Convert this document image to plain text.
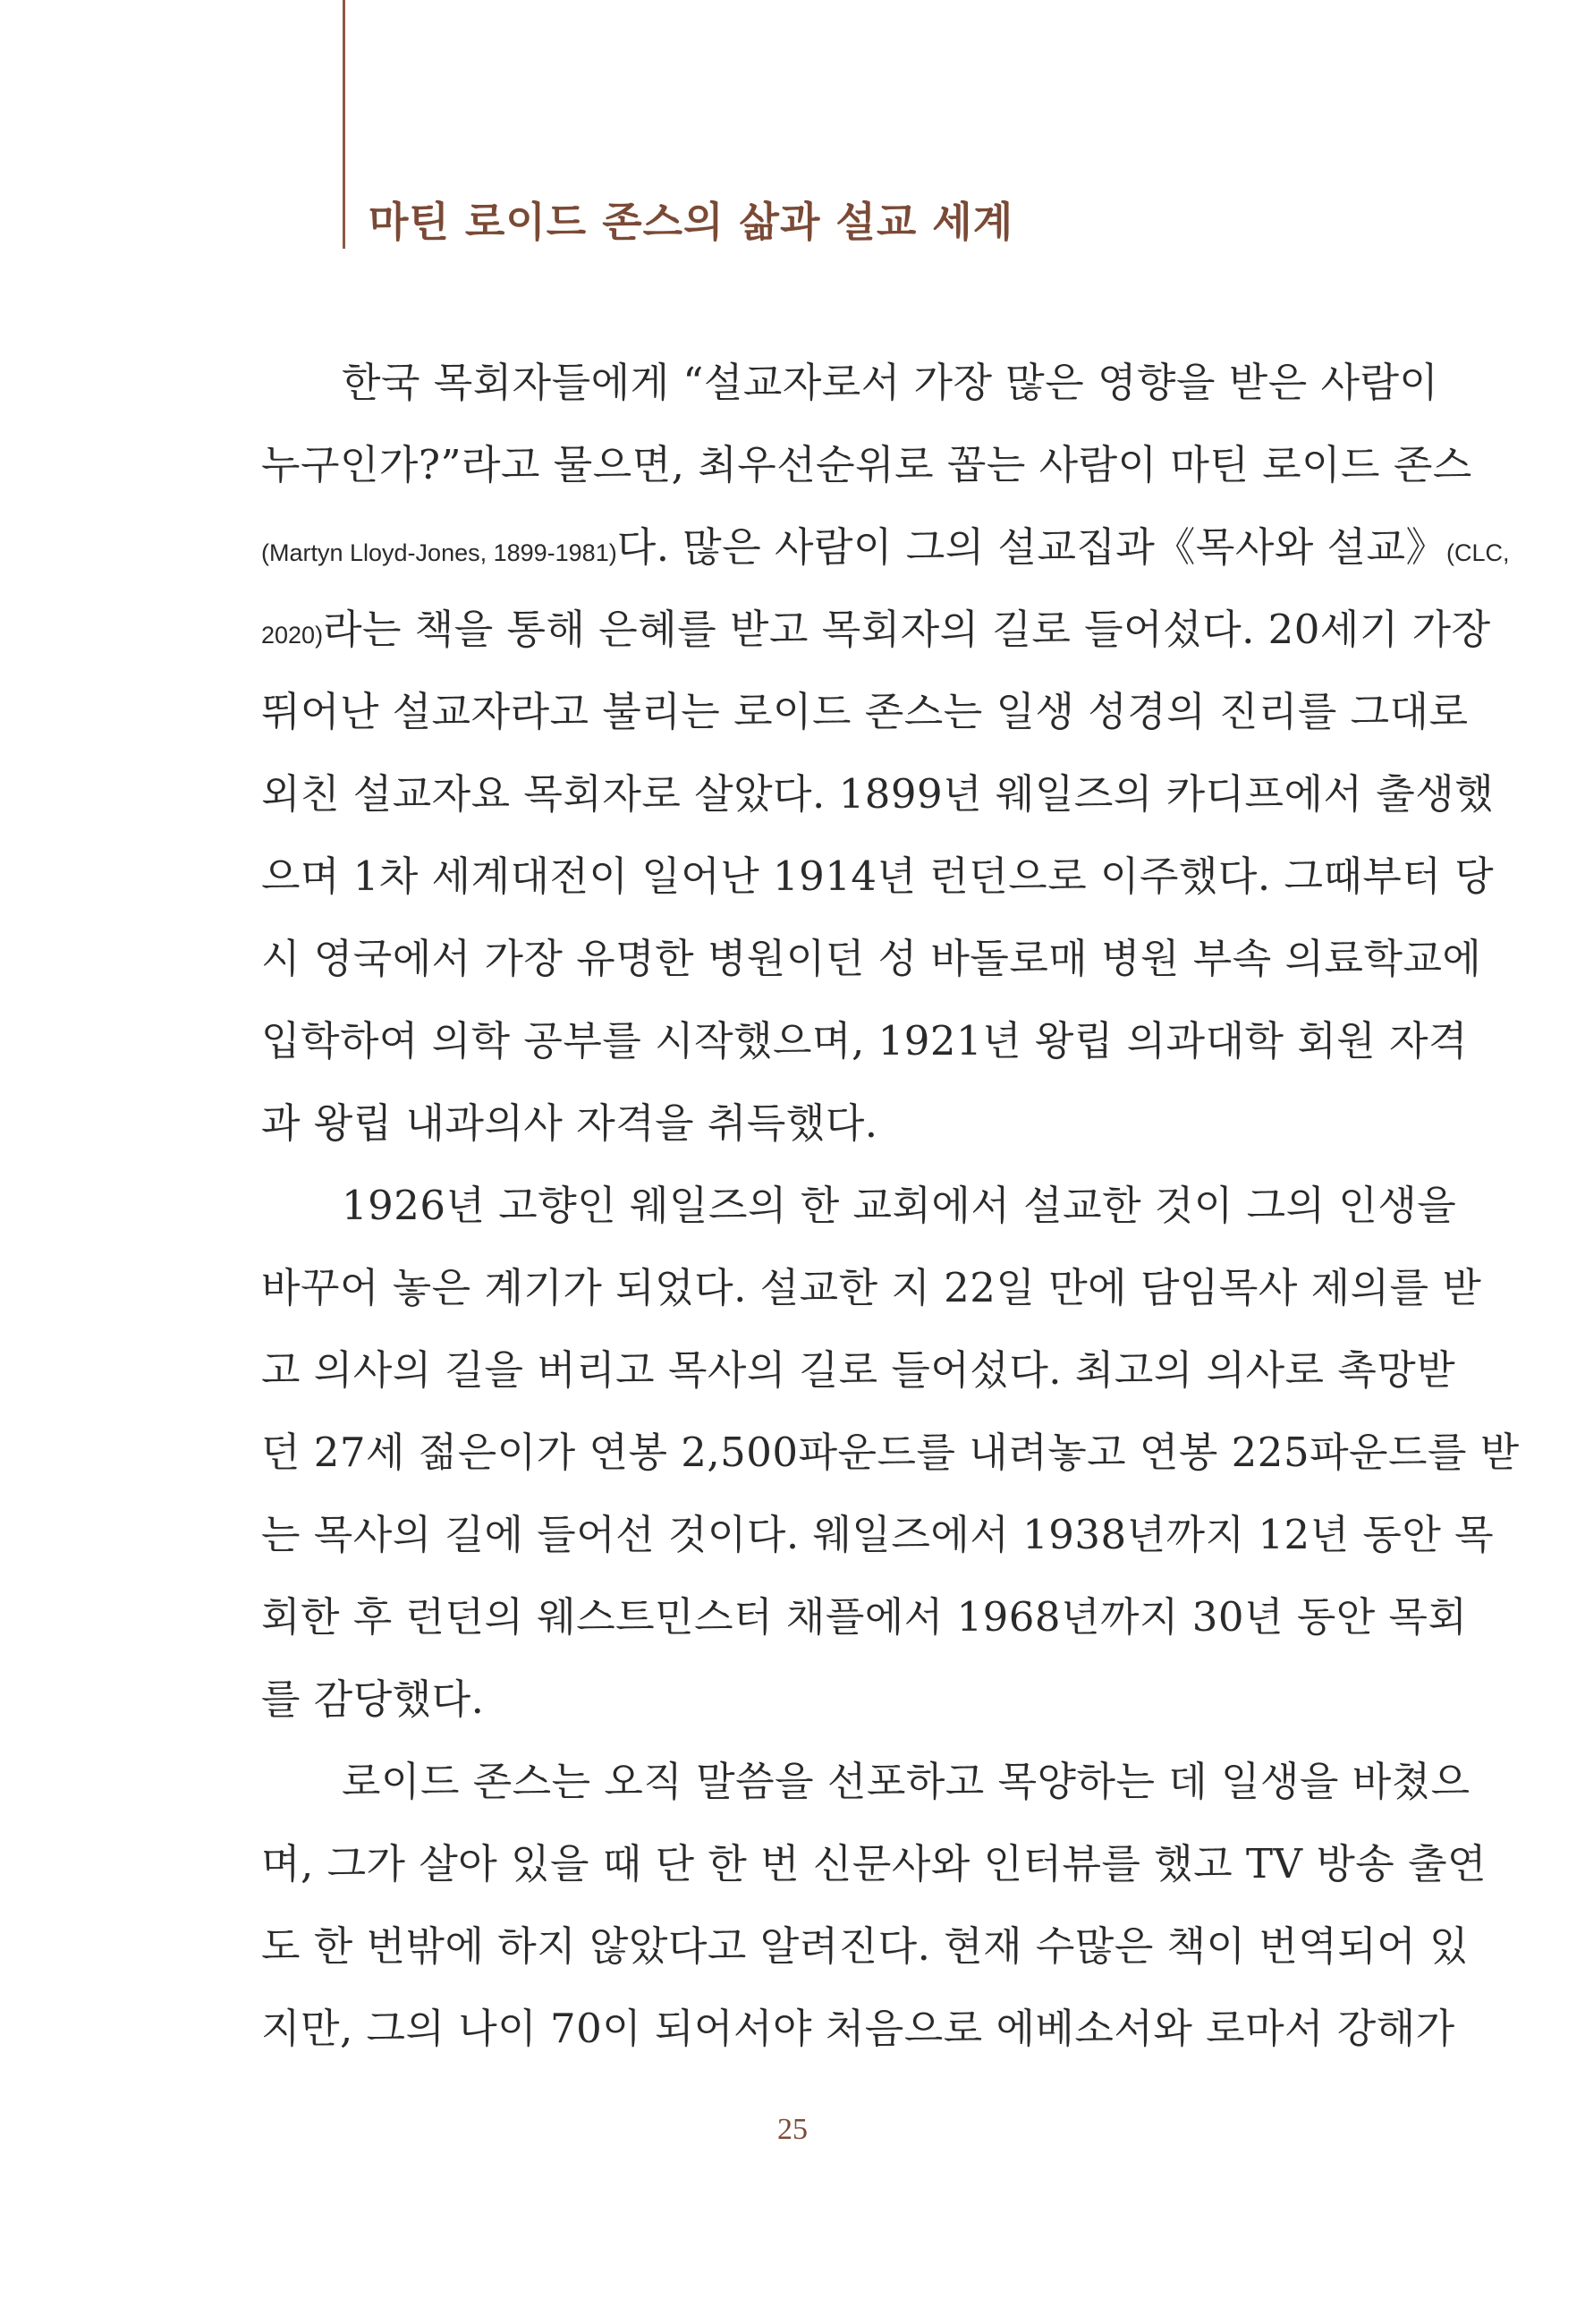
마틴 로이드 존스의 삶과 설교 세계
한국 목회자들에게 “설교자로서 가장 많은 영향을 받은 사람이
누구인가?”라고 물으면, 최우선순위로 꼽는 사람이 마틴 로이드 존스
(Martyn Lloyd-Jones, 1899-1981)다. 많은 사람이 그의 설교집과《목사와 설교》(CLC,
2020)라는 책을 통해 은혜를 받고 목회자의 길로 들어섰다. 20세기 가장
뛰어난 설교자라고 불리는 로이드 존스는 일생 성경의 진리를 그대로
외친 설교자요 목회자로 살았다. 1899년 웨일즈의 카디프에서 출생했
으며 1차 세계대전이 일어난 1914년 런던으로 이주했다. 그때부터 당
시 영국에서 가장 유명한 병원이던 성 바돌로매 병원 부속 의료학교에
입학하여 의학 공부를 시작했으며, 1921년 왕립 의과대학 회원 자격
과 왕립 내과의사 자격을 취득했다.
1926년 고향인 웨일즈의 한 교회에서 설교한 것이 그의 인생을
바꾸어 놓은 계기가 되었다. 설교한 지 22일 만에 담임목사 제의를 받
고 의사의 길을 버리고 목사의 길로 들어섰다. 최고의 의사로 촉망받
던 27세 젊은이가 연봉 2,500파운드를 내려놓고 연봉 225파운드를 받
는 목사의 길에 들어선 것이다. 웨일즈에서 1938년까지 12년 동안 목
회한 후 런던의 웨스트민스터 채플에서 1968년까지 30년 동안 목회
를 감당했다.
로이드 존스는 오직 말씀을 선포하고 목양하는 데 일생을 바쳤으
며, 그가 살아 있을 때 단 한 번 신문사와 인터뷰를 했고 TV 방송 출연
도 한 번밖에 하지 않았다고 알려진다. 현재 수많은 책이 번역되어 있
지만, 그의 나이 70이 되어서야 처음으로 에베소서와 로마서 강해가
25
